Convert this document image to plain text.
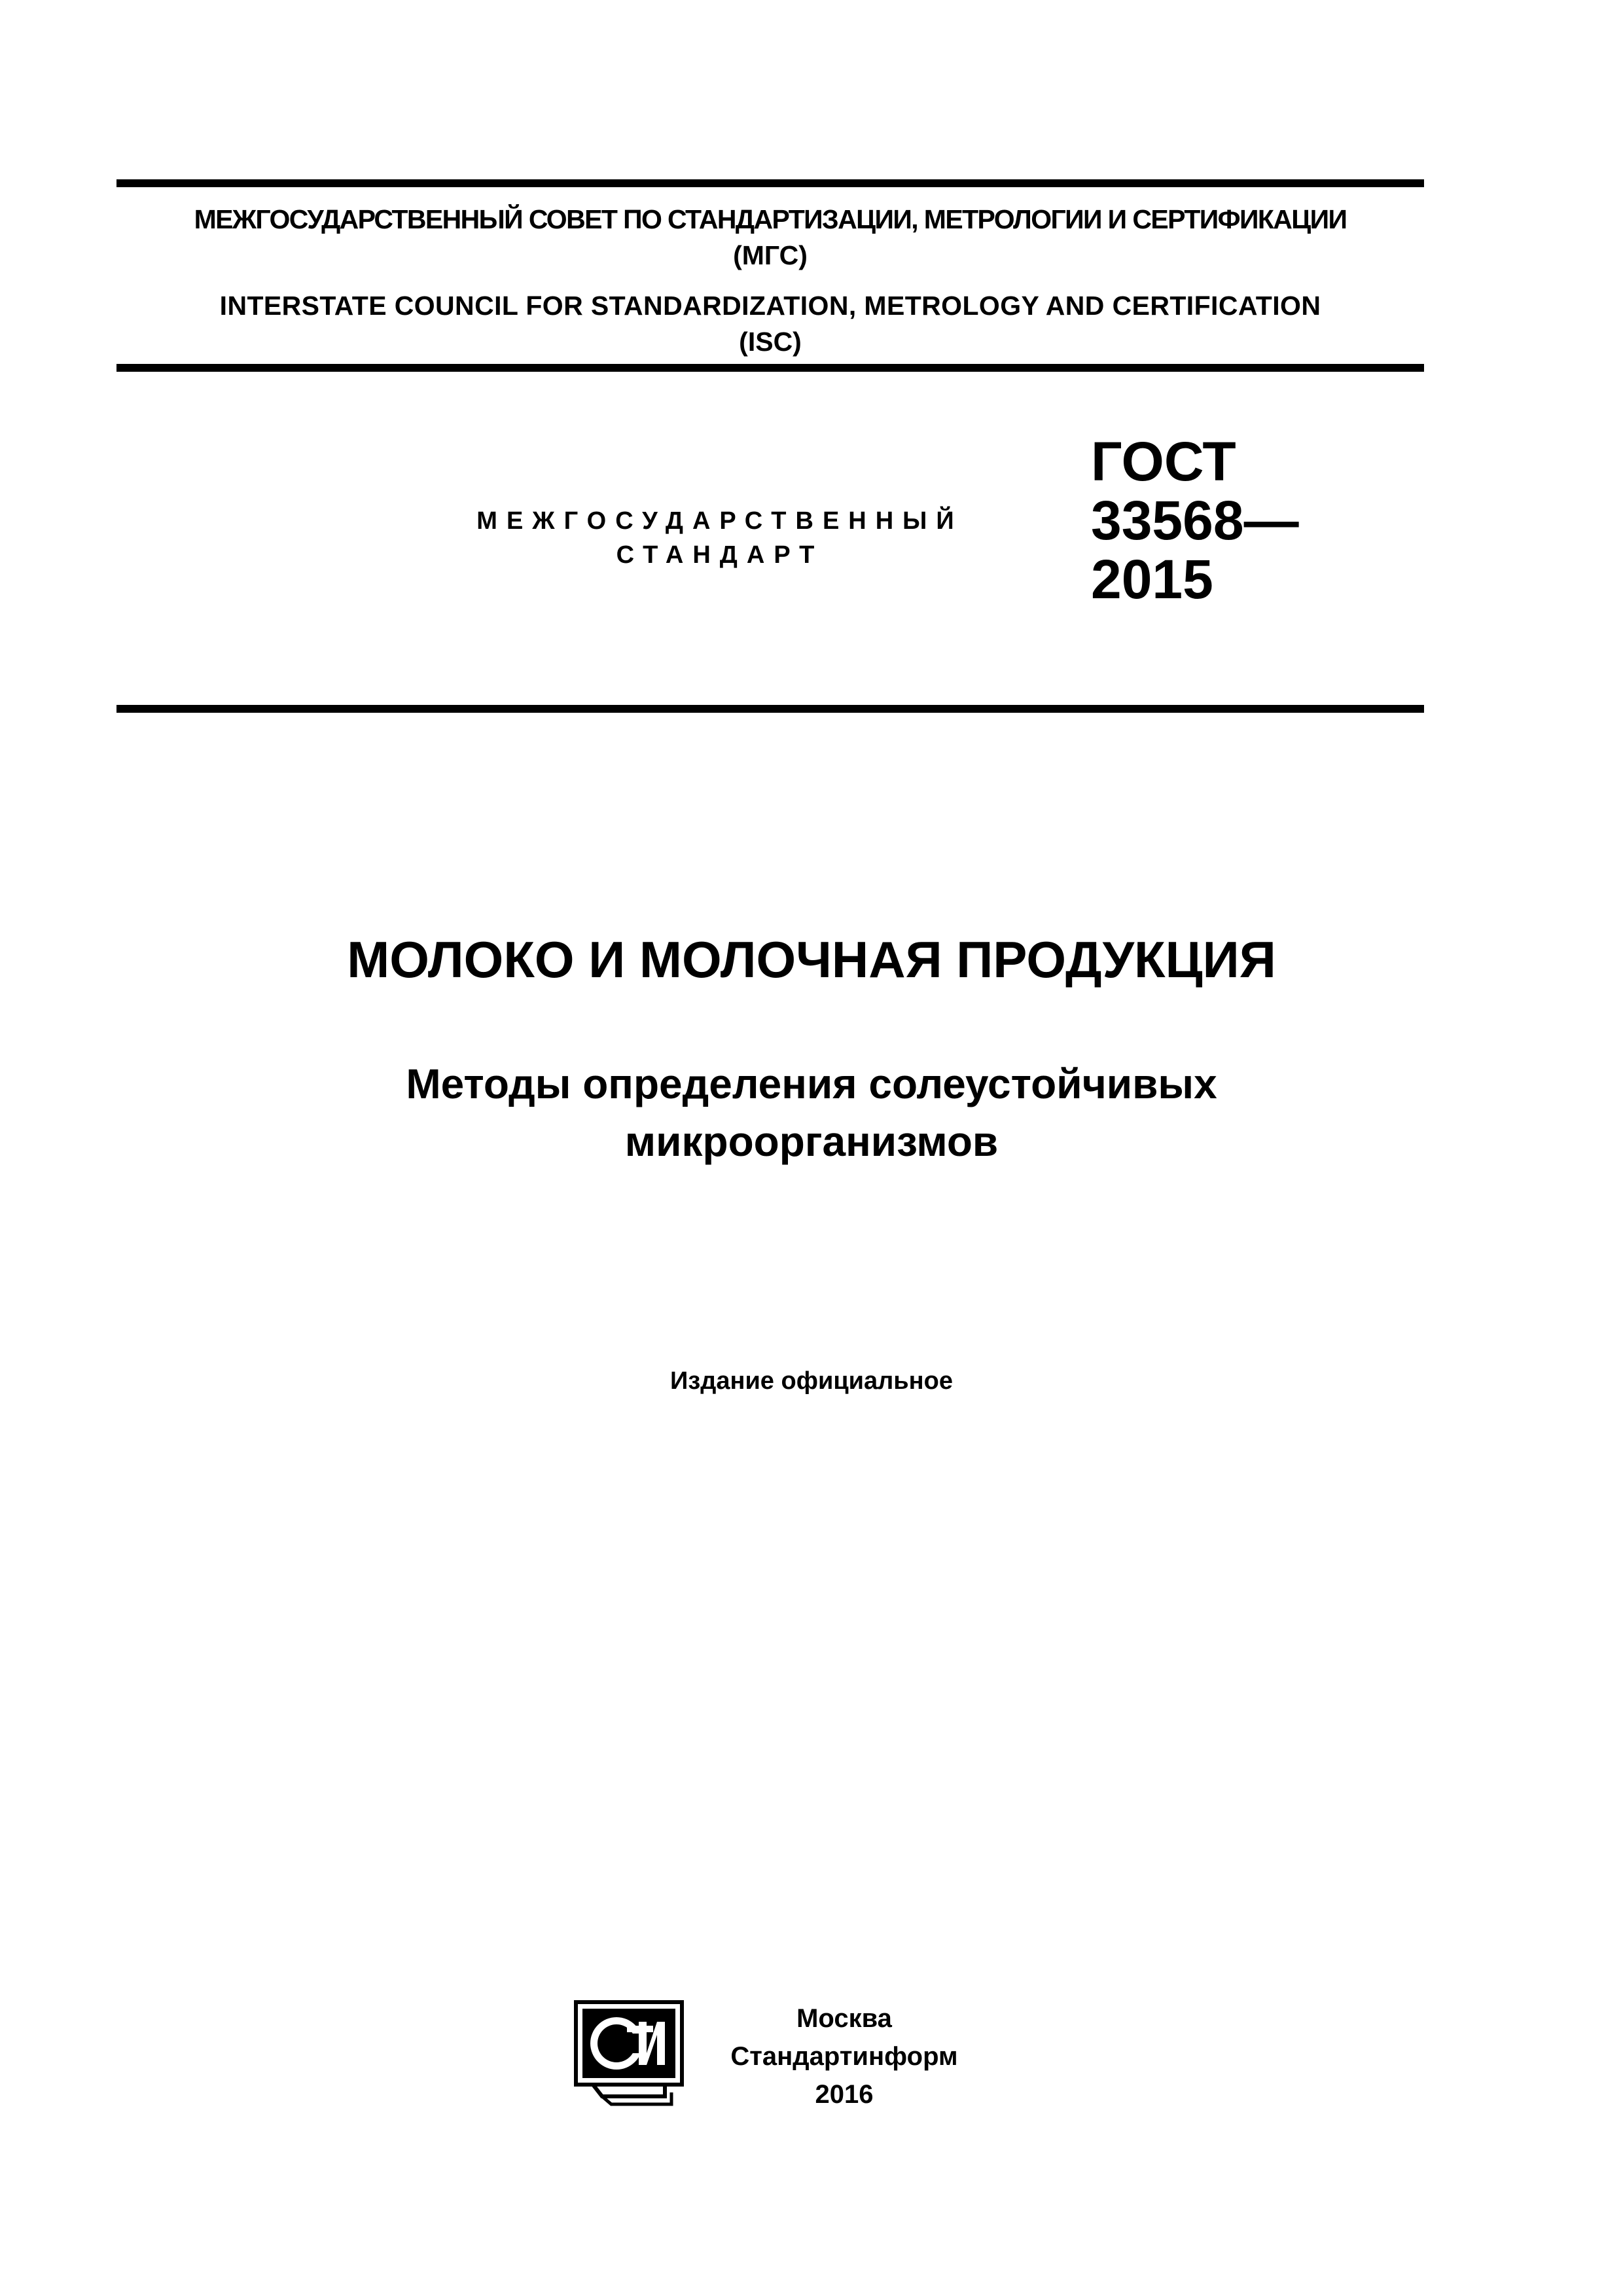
МЕЖГОСУДАРСТВЕННЫЙ СОВЕТ ПО СТАНДАРТИЗАЦИИ, МЕТРОЛОГИИ И СЕРТИФИКАЦИИ
(МГС)
INTERSTATE COUNCIL FOR STANDARDIZATION, METROLOGY AND CERTIFICATION
(ISC)
МЕЖГОСУДАРСТВЕННЫЙ
СТАНДАРТ
ГОСТ
33568—
2015
МОЛОКО И МОЛОЧНАЯ ПРОДУКЦИЯ
Методы определения солеустойчивых
микроорганизмов
Издание официальное
Москва
Стандартинформ
2016
